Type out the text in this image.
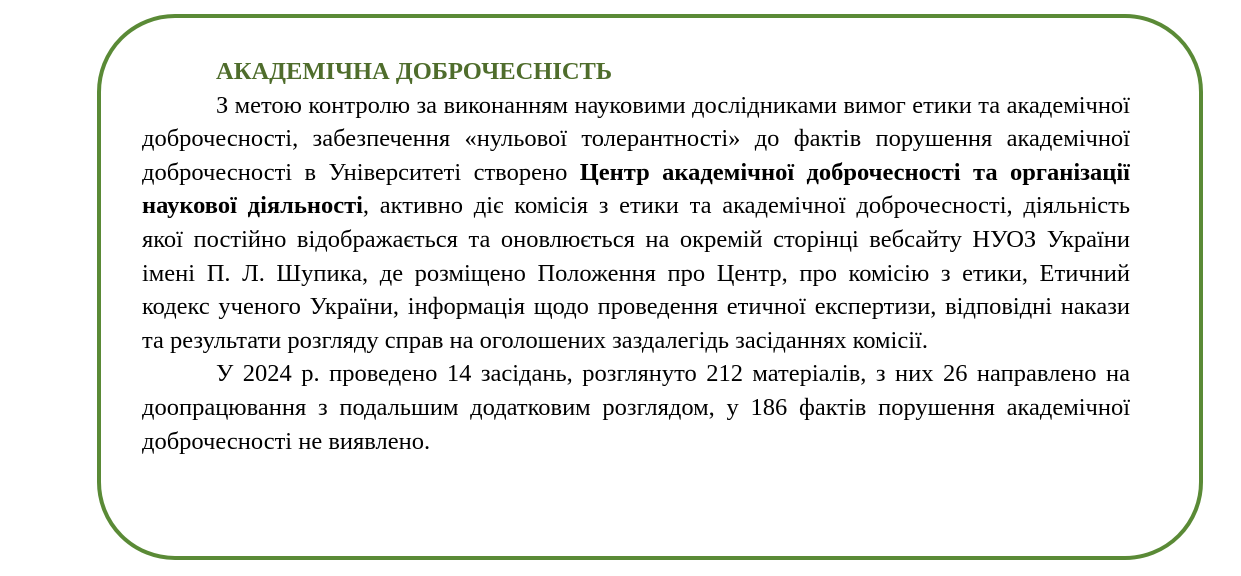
АКАДЕМІЧНА ДОБРОЧЕСНІСТЬ

З метою контролю за виконанням науковими дослідниками вимог етики та академічної доброчесності, забезпечення «нульової толерантності» до фактів порушення академічної доброчесності в Університеті створено Центр академічної доброчесності та організації наукової діяльності, активно діє комісія з етики та академічної доброчесності, діяльність якої постійно відображається та оновлюється на окремій сторінці вебсайту НУОЗ України імені П. Л. Шупика, де розміщено Положення про Центр, про комісію з етики, Етичний кодекс ученого України, інформація щодо проведення етичної експертизи, відповідні накази та результати розгляду справ на оголошених заздалегідь засіданнях комісії.

У 2024 р. проведено 14 засідань, розглянуто 212 матеріалів, з них 26 направлено на доопрацювання з подальшим додатковим розглядом, у 186 фактів порушення академічної доброчесності не виявлено.
